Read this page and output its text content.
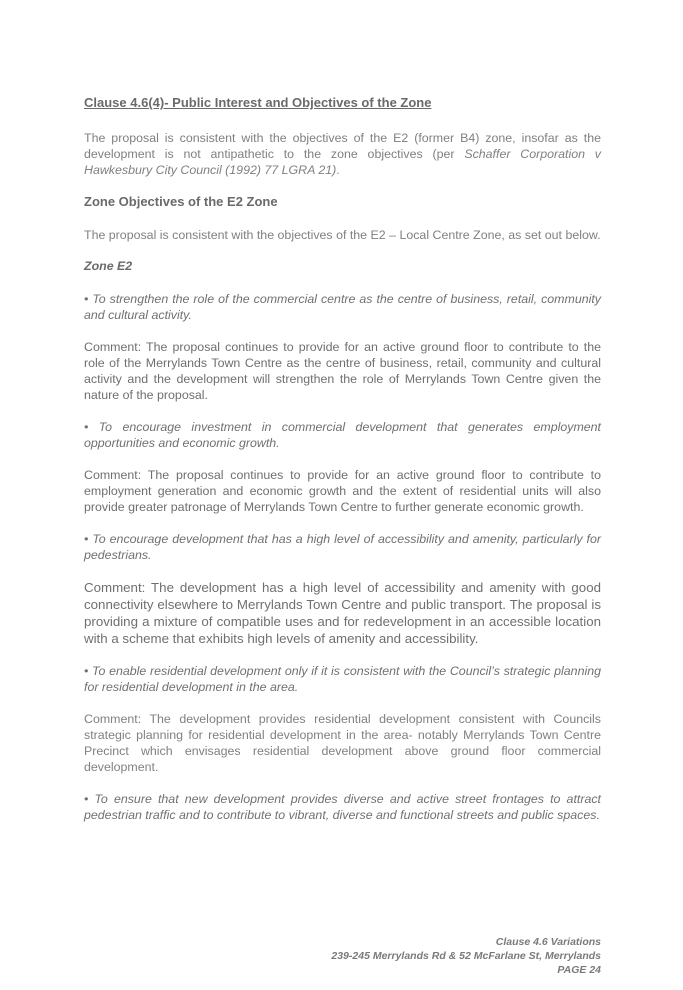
Clause 4.6(4)- Public Interest and Objectives of the Zone

The proposal is consistent with the objectives of the E2 (former B4) zone, insofar as the development is not antipathetic to the zone objectives (per Schaffer Corporation v Hawkesbury City Council (1992) 77 LGRA 21).

Zone Objectives of the E2 Zone

The proposal is consistent with the objectives of the E2 – Local Centre Zone, as set out below.

Zone E2

• To strengthen the role of the commercial centre as the centre of business, retail, community and cultural activity.

Comment: The proposal continues to provide for an active ground floor to contribute to the role of the Merrylands Town Centre as the centre of business, retail, community and cultural activity and the development will strengthen the role of Merrylands Town Centre given the nature of the proposal.

• To encourage investment in commercial development that generates employment opportunities and economic growth.

Comment: The proposal continues to provide for an active ground floor to contribute to employment generation and economic growth and the extent of residential units will also provide greater patronage of Merrylands Town Centre to further generate economic growth.

• To encourage development that has a high level of accessibility and amenity, particularly for pedestrians.

Comment: The development has a high level of accessibility and amenity with good connectivity elsewhere to Merrylands Town Centre and public transport. The proposal is providing a mixture of compatible uses and for redevelopment in an accessible location with a scheme that exhibits high levels of amenity and accessibility.

• To enable residential development only if it is consistent with the Council’s strategic planning for residential development in the area.

Comment: The development provides residential development consistent with Councils strategic planning for residential development in the area- notably Merrylands Town Centre Precinct which envisages residential development above ground floor commercial development.

• To ensure that new development provides diverse and active street frontages to attract pedestrian traffic and to contribute to vibrant, diverse and functional streets and public spaces.

Clause 4.6 Variations
239-245 Merrylands Rd & 52 McFarlane St, Merrylands
PAGE 24
